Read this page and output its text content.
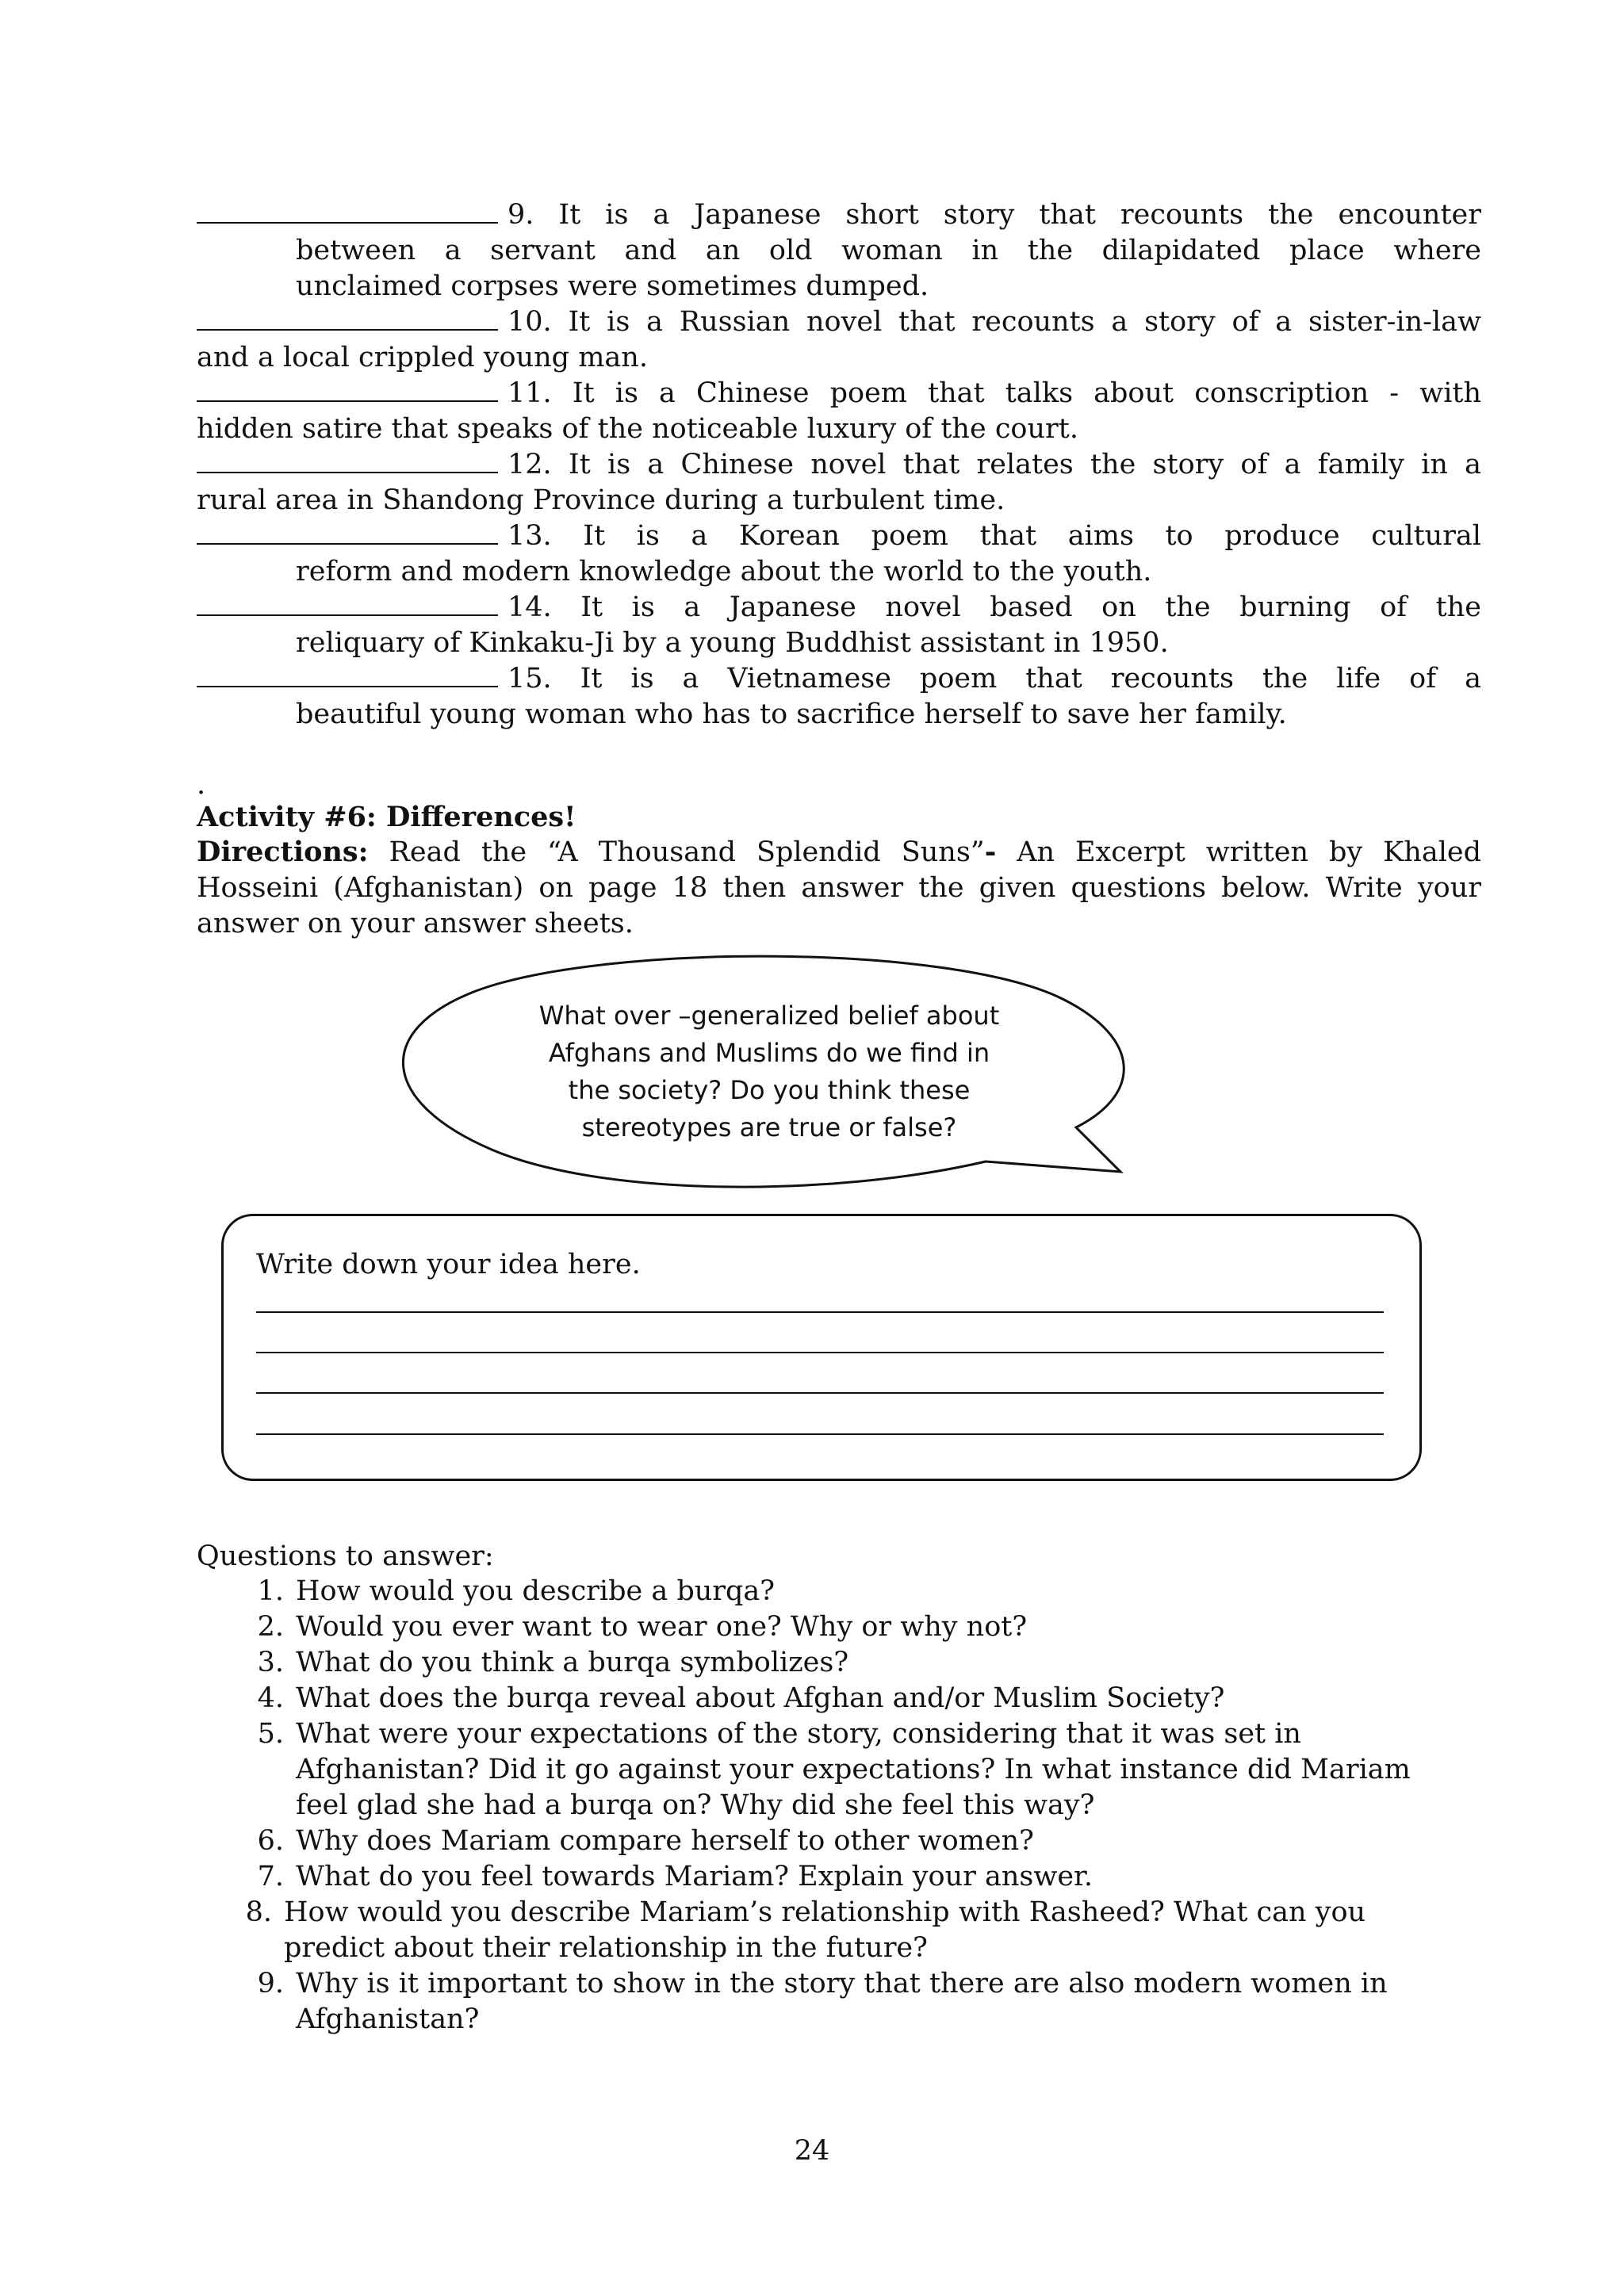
9. It is a Japanese short story that recounts the encounter
between a servant and an old woman in the dilapidated place where
unclaimed corpses were sometimes dumped.
10. It is a Russian novel that recounts a story of a sister-in-law
and a local crippled young man.
11. It is a Chinese poem that talks about conscription - with
hidden satire that speaks of the noticeable luxury of the court.
12. It is a Chinese novel that relates the story of a family in a
rural area in Shandong Province during a turbulent time.
13. It is a Korean poem that aims to produce cultural
reform and modern knowledge about the world to the youth.
14. It is a Japanese novel based on the burning of the
reliquary of Kinkaku-Ji by a young Buddhist assistant in 1950.
15. It is a Vietnamese poem that recounts the life of a
beautiful young woman who has to sacrifice herself to save her family.
.
Activity #6: Differences!
Directions: Read the “A Thousand Splendid Suns”- An Excerpt written by Khaled Hosseini (Afghanistan) on page 18 then answer the given questions below. Write your answer on your answer sheets.
What over –generalized belief about
Afghans and Muslims do we find in
the society? Do you think these
stereotypes are true or false?
Write down your idea here.
Questions to answer:
1. How would you describe a burqa?
2. Would you ever want to wear one? Why or why not?
3. What do you think a burqa symbolizes?
4. What does the burqa reveal about Afghan and/or Muslim Society?
5. What were your expectations of the story, considering that it was set in
Afghanistan? Did it go against your expectations? In what instance did Mariam
feel glad she had a burqa on? Why did she feel this way?
6. Why does Mariam compare herself to other women?
7. What do you feel towards Mariam? Explain your answer.
8. How would you describe Mariam’s relationship with Rasheed? What can you
predict about their relationship in the future?
9. Why is it important to show in the story that there are also modern women in
Afghanistan?
24
